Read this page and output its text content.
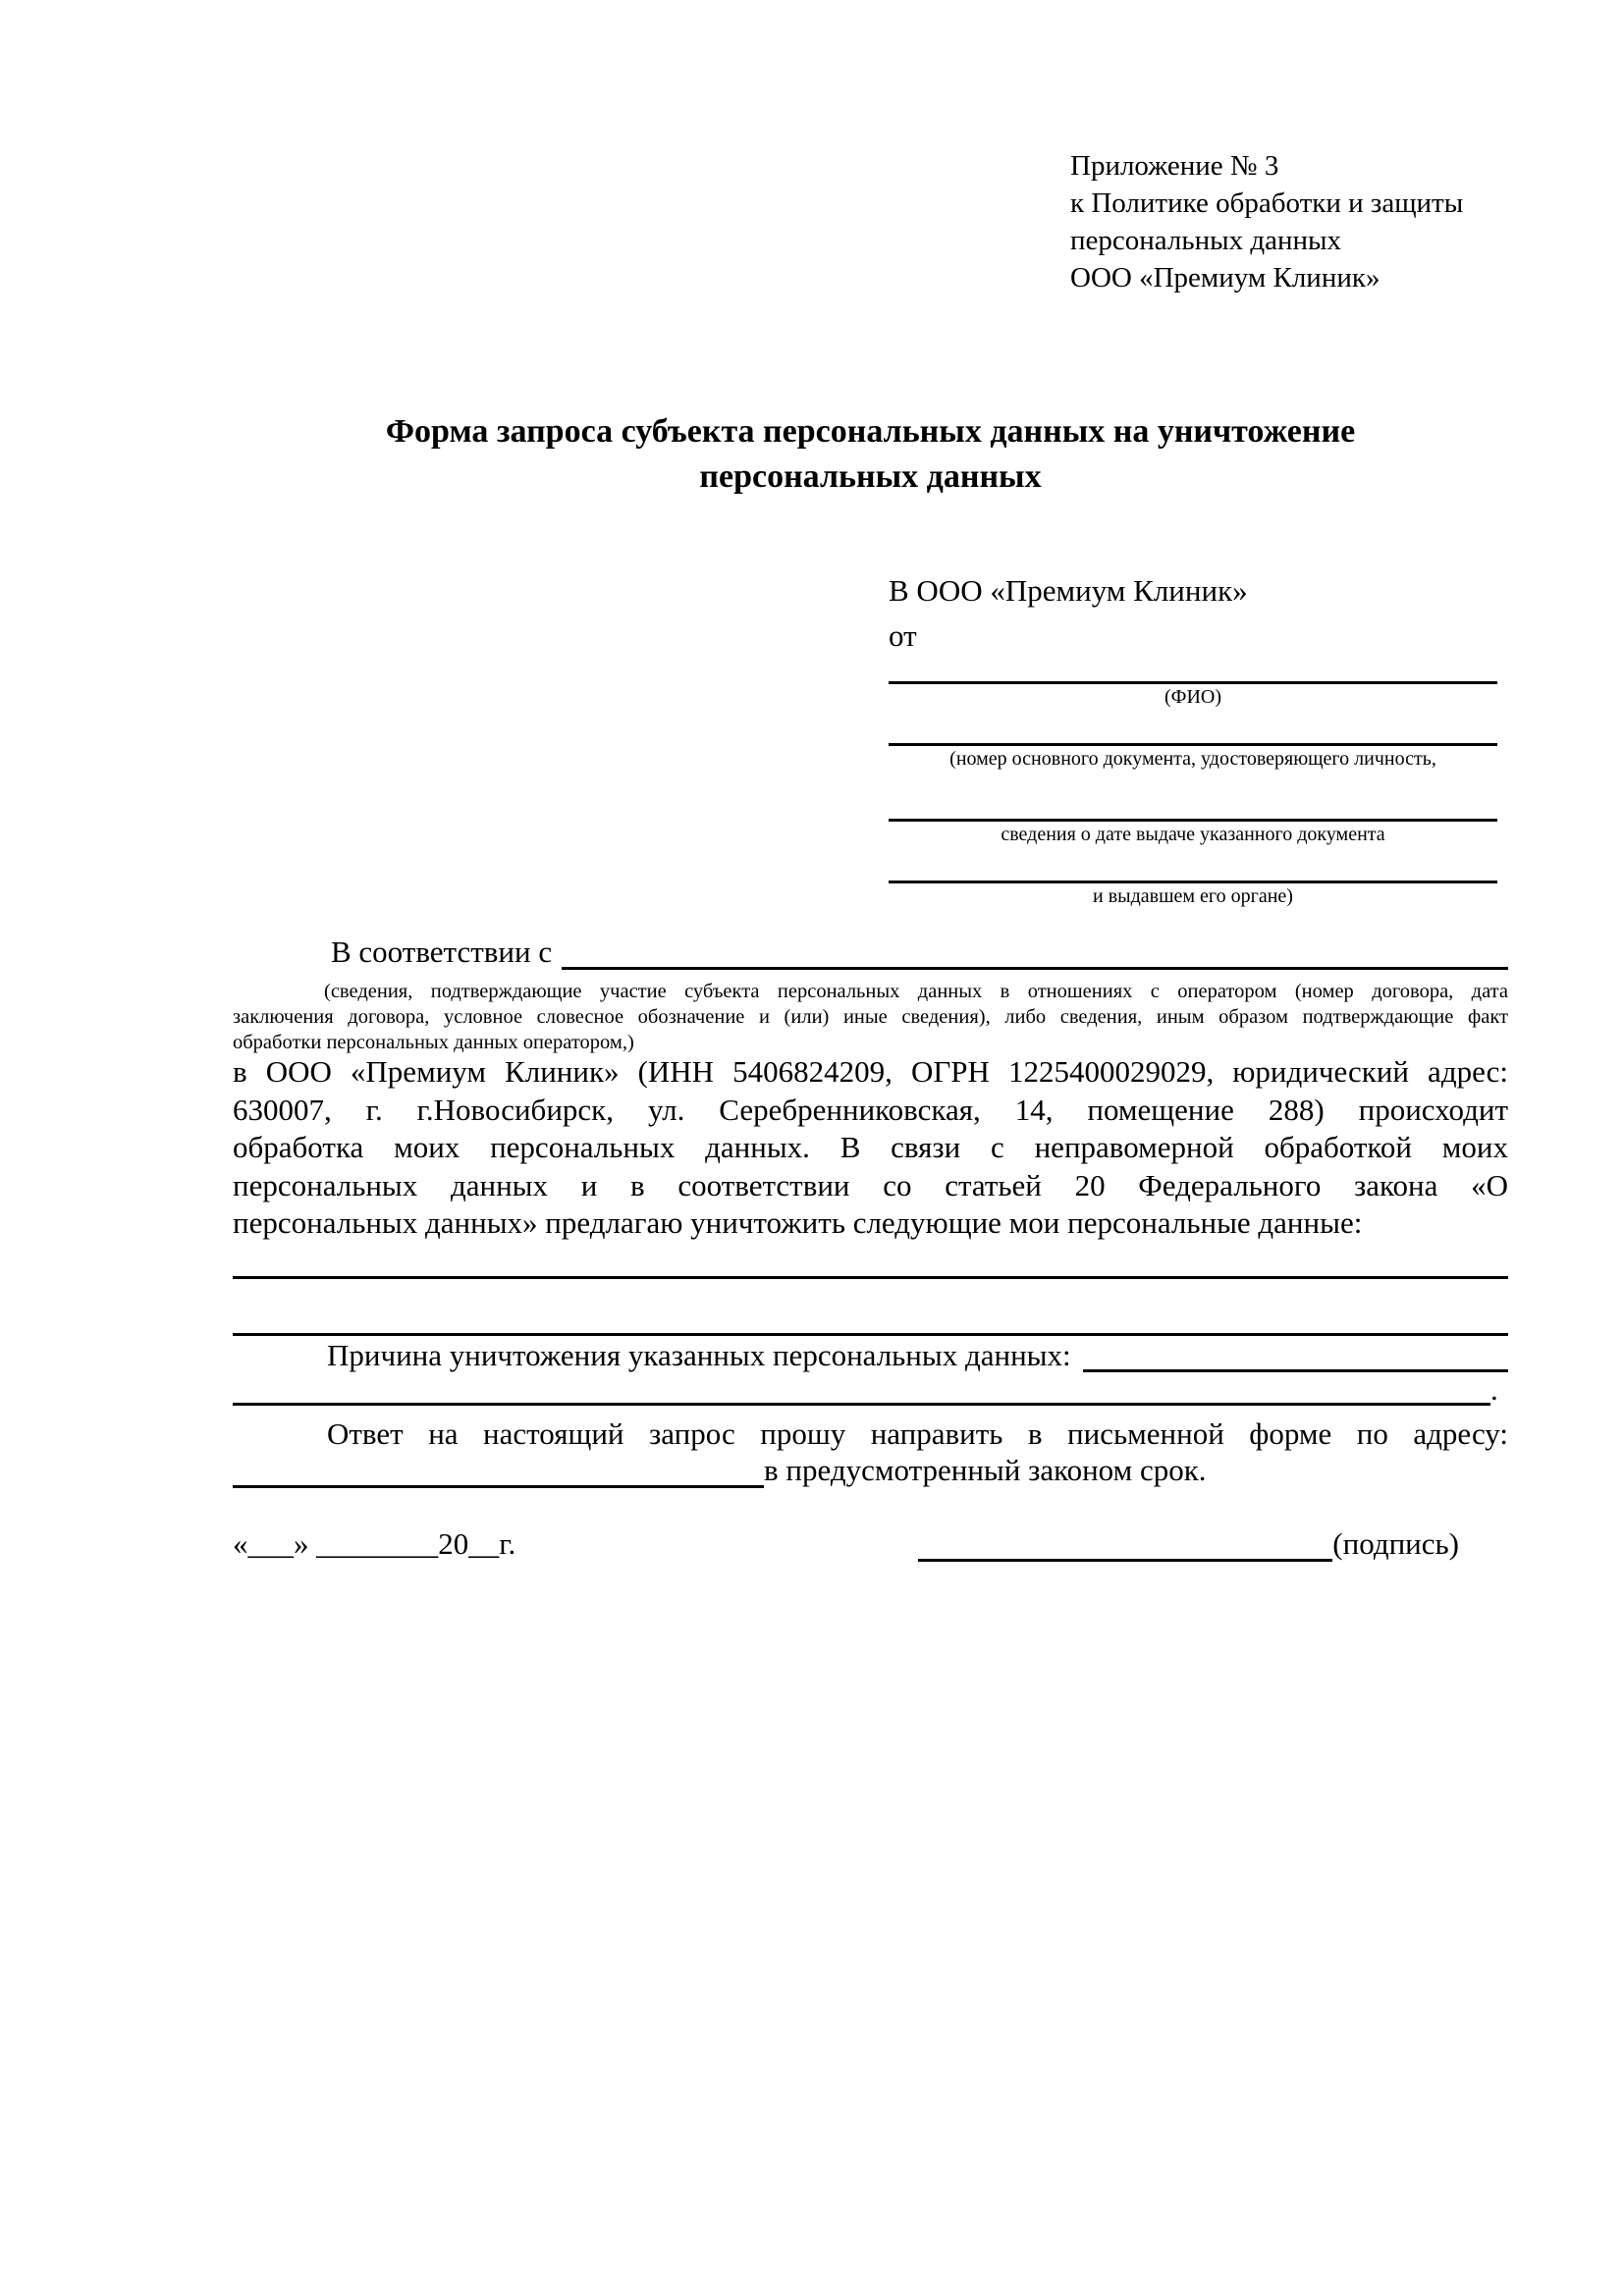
Приложение № 3
к Политике обработки и защиты
персональных данных
ООО «Премиум Клиник»
Форма запроса субъекта персональных данных на уничтожение
персональных данных
В ООО «Премиум Клиник»
от
(ФИО)
(номер основного документа, удостоверяющего личность,
сведения о дате выдаче указанного документа
и выдавшем его органе)
В соответствии с
(сведения, подтверждающие участие субъекта персональных данных в отношениях с оператором (номер договора, дата
заключения договора, условное словесное обозначение и (или) иные сведения), либо сведения, иным образом подтверждающие факт
обработки персональных данных оператором,)
в ООО «Премиум Клиник» (ИНН 5406824209, ОГРН 1225400029029, юридический адрес:
630007, г. г.Новосибирск, ул. Серебренниковская, 14, помещение 288) происходит
обработка моих персональных данных. В связи с неправомерной обработкой моих
персональных данных и в соответствии со статьей 20 Федерального закона «О
персональных данных» предлагаю уничтожить следующие мои персональные данные:
Причина уничтожения указанных персональных данных:
.
Ответ на настоящий запрос прошу направить в письменной форме по адресу:
в предусмотренный законом срок.
«___» ________20__г.	(подпись)
